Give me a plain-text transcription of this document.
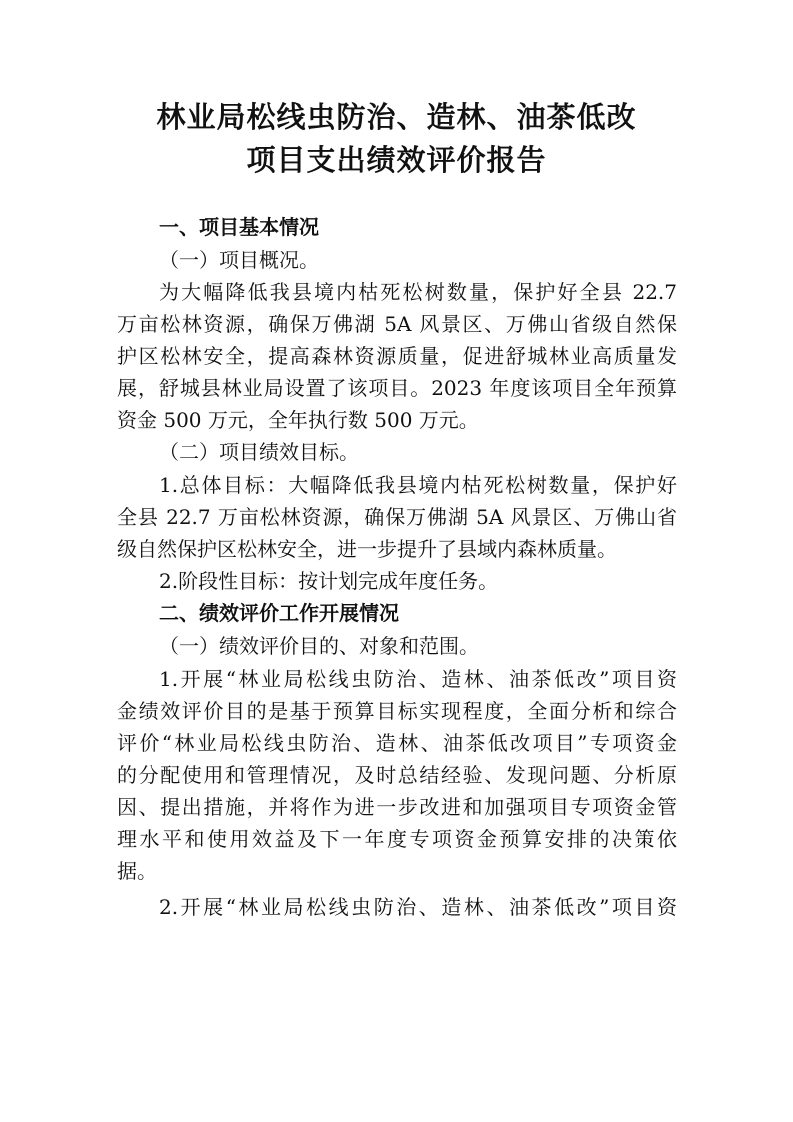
林业局松线虫防治、造林、油茶低改
项目支出绩效评价报告

一、项目基本情况

（一）项目概况。

为大幅降低我县境内枯死松树数量，保护好全县 22.7
万亩松林资源，确保万佛湖 5A 风景区、万佛山省级自然保
护区松林安全，提高森林资源质量，促进舒城林业高质量发
展，舒城县林业局设置了该项目。2023 年度该项目全年预算
资金 500 万元，全年执行数 500 万元。

（二）项目绩效目标。

1.总体目标：大幅降低我县境内枯死松树数量，保护好
全县 22.7 万亩松林资源，确保万佛湖 5A 风景区、万佛山省
级自然保护区松林安全，进一步提升了县域内森林质量。

2.阶段性目标：按计划完成年度任务。

二、绩效评价工作开展情况

（一）绩效评价目的、对象和范围。

1.开展“林业局松线虫防治、造林、油茶低改”项目资
金绩效评价目的是基于预算目标实现程度，全面分析和综合
评价“林业局松线虫防治、造林、油茶低改项目”专项资金
的分配使用和管理情况，及时总结经验、发现问题、分析原
因、提出措施，并将作为进一步改进和加强项目专项资金管
理水平和使用效益及下一年度专项资金预算安排的决策依
据。
2.开展“林业局松线虫防治、造林、油茶低改”项目资
